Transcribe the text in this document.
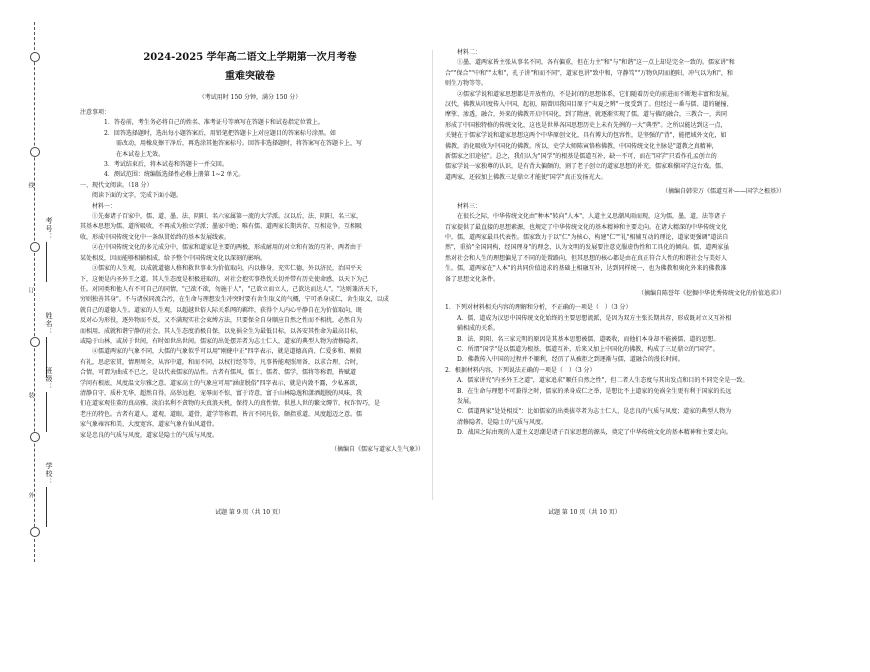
线
订
装
外
考号：
姓名：
班级：
学校：
2024-2025 学年高二语文上学期第一次月考卷
重难突破卷
（考试用时 150 分钟，满分 150 分）

注意事项：

1．答卷前，考生务必将自己的姓名、准考证号等填写在答题卡和试卷指定位置上。

2．回答选择题时，选出每小题答案后，用铅笔把答题卡上对应题目的答案标号涂黑。如

需改动，用橡皮擦干净后，再选涂其他答案标号。回答非选择题时，将答案写在答题卡上，写

在本试卷上无效。

3．考试结束后，将本试卷和答题卡一并交回。

4．测试范围：统编版选择性必修上册第 1~2 单元。

一、现代文阅读。（18 分）

阅读下面的文字，完成下面小题。

材料一：

①先秦诸子百家中，儒、道、墨、法、阴阳、名六家属第一流的大学派。汉以后，法、阴阳、名三家，

其基本思想为儒、道所吸收，不再成为独立学派；墨家中绝；唯有儒、道两家长期共存，互相竞争，互相吸

收，形成中国传统文化中一条纵贯始终的基本发展线索。

②在中国传统文化的多元成分中，儒家和道家是主要的两极，形成耐用的对立和有效的互补，两者由于

某处相反，因而能够相辅相成，给予整个中国传统文化以深刻的影响。

③儒家的人生观，以成就道德人格和救世事业为价值取向，内以修身，充实仁德，外以济民，治国平天

下，这便是内圣外王之道。其人生态度是积极进取的，对社会抱实事热忱关切并带有历史使命感，以天下为己

任。对同类和他人有不可自己的同情，"己欲不欲，勿施于人"，"己欲立而立人，己欲达而达人"，"达则兼济天下，

穷则独善其身"。不与诸侯同流合污，在生命与理想发生冲突时要有舍生取义的气概，宁可杀身成仁，舍生取义，以成

就自己的道德人生。道家的人生观，以超越世俗人际关系网的羁绊，获得个人内心平静自在为价值取向，既

反对心为形役，逐外物而不反，又不满现实社会束缚方法，只要保全自身顺应自然之性而不相扰，必然自为

而相用，成就和谐宁静的社会。其人生态度消极自保，以免祸全生为最低目标，以各安其性命为最高目标，

或隐于山林，或居于世间，有时如世出世间。儒家的出处摆弄者为志士仁人，道家的典型人物为清修隐者。

④儒道两家的气象不同，大儒的气象似乎可以用"刚健中正"四字表示，就是道德高尚、仁爱多和、刚毅

有礼，思虑宏贯，情理周全，从容中道，和而不同，以权行经等等，凡事皆能观照周备，以求合理、合时，

合情，可谓为曲成不已之，是以代表儒家的品性。古者有儒风，儒士、儒者、儒学，儒将等称谓，皆赋道

学问有根底，风度温文尔雅之意。道家高士的气象应可用"涵虚脱俗"四字表示，就是内敛不露，少私寡欲，

清静自守，质朴无华，超然自得，高举远抱，宠辱而不惊，富于诗意，富于山林隐逸和潇洒超脱的风味，我

们在道家观佳董的真高雅，淡泊名利不貪物的天真浪天机，保持人的真性情，供恩人世的繁文缛节，权诈智巧，是

老庄的特色。古者有道人，道观，道眼，道骨，道学等称谓，皆言不同凡俗，颇指重道，风度超迈之意。儒

家气象雍容和美、大度宽容，道家气象有仙风道骨。

家是忠良的气质与风度，道家是隐士的气质与风度。

（摘编自《儒家与道家人生气象》）

材料二：

①墨，道两家皆主张从事名不同，各有偏重，但在力主"和"与"和谐"这一点上却是完全一致的。儒家讲"和

合""保合""中和""太和"，孔子讲"和而不同"，道家也讲"致中和，守静笃""万物负阴而抱阳，冲气以为和"，和

则生万物等等。

②儒家学说和道家思想都是开放性的，不是封闭的思想体系，它们随着历史的前进而不断地丰富和发展，

汉代，佛教从印度传入中国，起初，隔曾因我国目原于"夷夏之辨"一度受到了。但经过一番与儒、道的碰撞、

摩挲、渗透，融合，外来的佛教开启中国化，到了隋唐，就逐渐实现了儒，道与佛的融合，三教合一，共同

形成了中国独特格的传统文化，这也是世界各国思想历史上未有先例的一大"典型"。之所以能达到这一点，

关键在于儒家学说和道家思想这两个中华原创文化，具有博大的包容性，是坚强的"背"，能把域外文化，如

佛教，消化吸收为中国化的佛教。所以，史学大师陈寅恪称佛教，中国传统文化主脉是"道教之真精神，

新儒家之旧途径"。总之，我们认为"国学"的根基是儒道互补，缺一不可，而在"国学"只看作孔孟创立的

儒家学说一家独尊的认识，是有背大偏颇的，割了老子创立的道家思想的补充，儒家难撑国学这台戏。儒、

道两家，还较加上佛教三足鼎立才能使"国学"真正发扬光大。

（摘编自韩荣万《儒道互补——国学之根基》）

材料三：

在很长之际，中华传统文化由"种本"转向"人本"，人道主义思潮风雨而现，这为儒，墨，道，法等诸子

百家提供了最直接的思想素源，也规定了中华传统文化的基本精神和主要走向。在诸大精深的中华传统文化

中，儒，道两家最具代表性。儒家致力于以"仁"为核心，构建"仁""礼"相辅互动的理论，道家更强调"道法自

然"，重拾"全国同构，经国理身"的理念，认为文明的发展要注意克服虚伪性和工具化的倾向。儒，道两家虽

然对社会和人生的理想偏见了不同的处置路向，但其思想的核心都是由在真正符合人性的和谐社会与美好人

生。儒，道两家在"人本"的共同价值追求的基础上相融互补，达到同样统一，也为佛教和奥化外来的佛教准

备了思想文化条件。

（摘编自陈誉年《挖掘中华优秀传统文化的价值追求》）

1．下列对材料相关内容的理解和分析，不正确的一项是（　）（3 分）

A．儒、道成为汉思中国传统文化始终的主要思想流派，是因为双方主张长期共存，形成既对立又互补相

辅相成的关系。

B．法、阴阳、名三家元明的原因是其基本思想被儒、道吸收，而他们本身却不能被儒、道的思想。

C．所谓"国学"是以儒道为根基，儒道互补，后来又加上中国化的佛教，构成了三足鼎立的"国学"。

D．佛教传入中国的过程并不顺利，经历了从被拒之到逐渐与儒，道融合的漫长时间。

2．根据材料内容，下列说法正确的一项是（　）（3 分）

A．儒家讲究"内圣外王之道"，道家追求"顺任自然之性"，但二者人生态度与其出发点和目的不同完全是一致。

B．在生命与理想不可兼得之时，儒家的杀身成仁之举，是想比不上道家的免祸全生更有利于国家的长远

发展。

C．儒道两家"处处相反"：比如儒家的出类拔萃者为志士仁人，是忠良的气质与风度；道家的典型人物为

清修隐者，是隐士的气质与风度。

D．战国之际由现的人道主义思潮是诸子百家思想的源头，奠定了中华传统文化的基本精神和主要走向。

试题 第 9 页（共 10 页）	试题 第 10 页（共 10 页）
